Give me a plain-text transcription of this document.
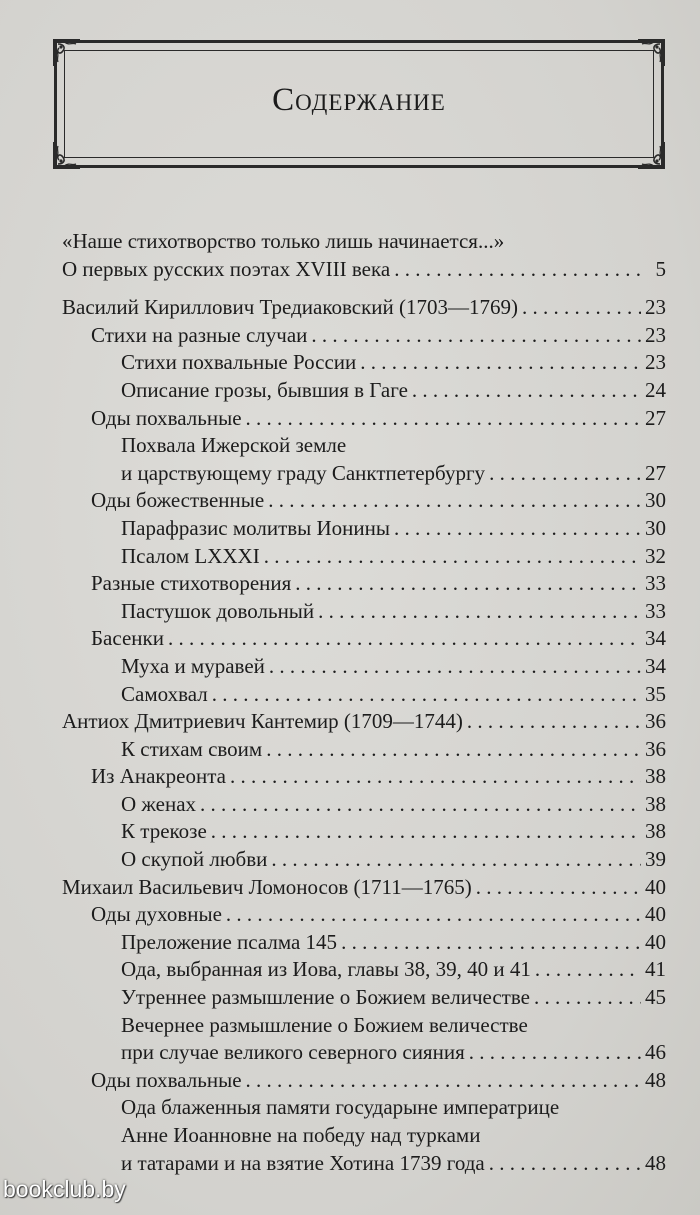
Содержание
«Наше стихотворство только лишь начинается...»
О первых русских поэтах XVIII века . . .	5
Василий Кириллович Тредиаковский (1703—1769) . . .	23
Стихи на разные случаи . . .	23
Стихи похвальные России . . .	23
Описание грозы, бывшия в Гаге . . .	24
Оды похвальные . . .	27
Похвала Ижерской земле
и царствующему граду Санктпетербургу . . .	27
Оды божественные . . .	30
Парафразис молитвы Ионины . . .	30
Псалом LXXXI . . .	32
Разные стихотворения . . .	33
Пастушок довольный . . .	33
Басенки . . .	34
Муха и муравей . . .	34
Самохвал . . .	35
Антиох Дмитриевич Кантемир (1709—1744) . . .	36
К стихам своим . . .	36
Из Анакреонта . . .	38
О женах . . .	38
К трекозе . . .	38
О скупой любви . . .	39
Михаил Васильевич Ломоносов (1711—1765) . . .	40
Оды духовные . . .	40
Преложение псалма 145 . . .	40
Ода, выбранная из Иова, главы 38, 39, 40 и 41 . . .	41
Утреннее размышление о Божием величестве . . .	45
Вечернее размышление о Божием величестве
при случае великого северного сияния . . .	46
Оды похвальные . . .	48
Ода блаженныя памяти государыне императрице
Анне Иоанновне на победу над турками
и татарами и на взятие Хотина 1739 года . . .	48
bookclub.by
